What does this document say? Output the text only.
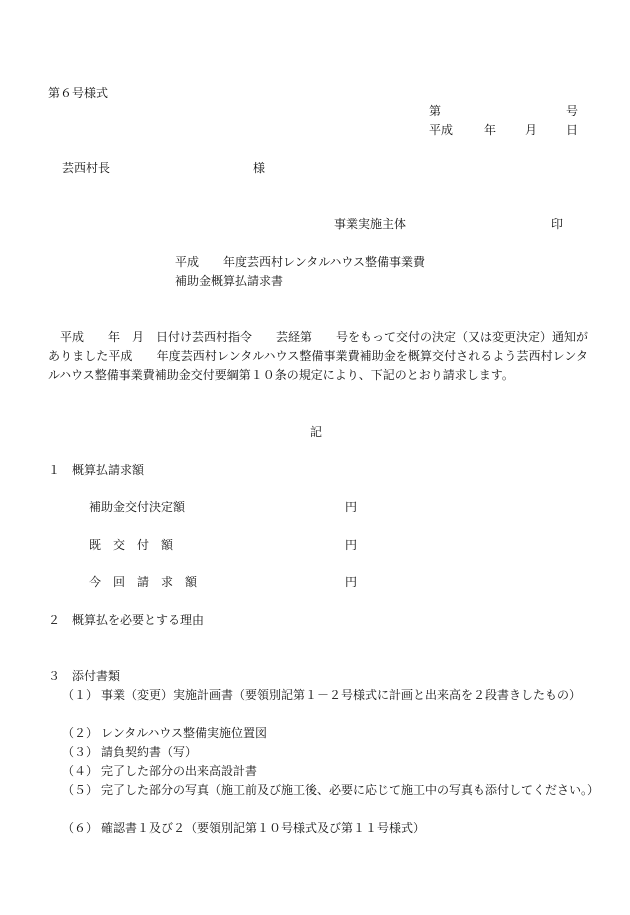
第６号様式
第	号
平成	年 月 日
芸西村長	様
事業実施主体	印
平成　　年度芸西村レンタルハウス整備事業費
補助金概算払請求書
　平成　　年　月　日付け芸西村指令　　芸経第　　号をもって交付の決定（又は変更決定）通知がありました平成　　年度芸西村レンタルハウス整備事業費補助金を概算交付されるよう芸西村レンタルハウス整備事業費補助金交付要綱第１０条の規定により、下記のとおり請求します。
記
１　概算払請求額
補助金交付決定額	円
既　交　付　額	円
今　回　請　求　額	円
２　概算払を必要とする理由
３　添付書類
（１） 事業（変更）実施計画書（要領別記第１－２号様式に計画と出来高を２段書きしたもの）
（２） レンタルハウス整備実施位置図
（３） 請負契約書（写）
（４） 完了した部分の出来高設計書
（５） 完了した部分の写真（施工前及び施工後、必要に応じて施工中の写真も添付してください。）
（６） 確認書１及び２（要領別記第１０号様式及び第１１号様式）
